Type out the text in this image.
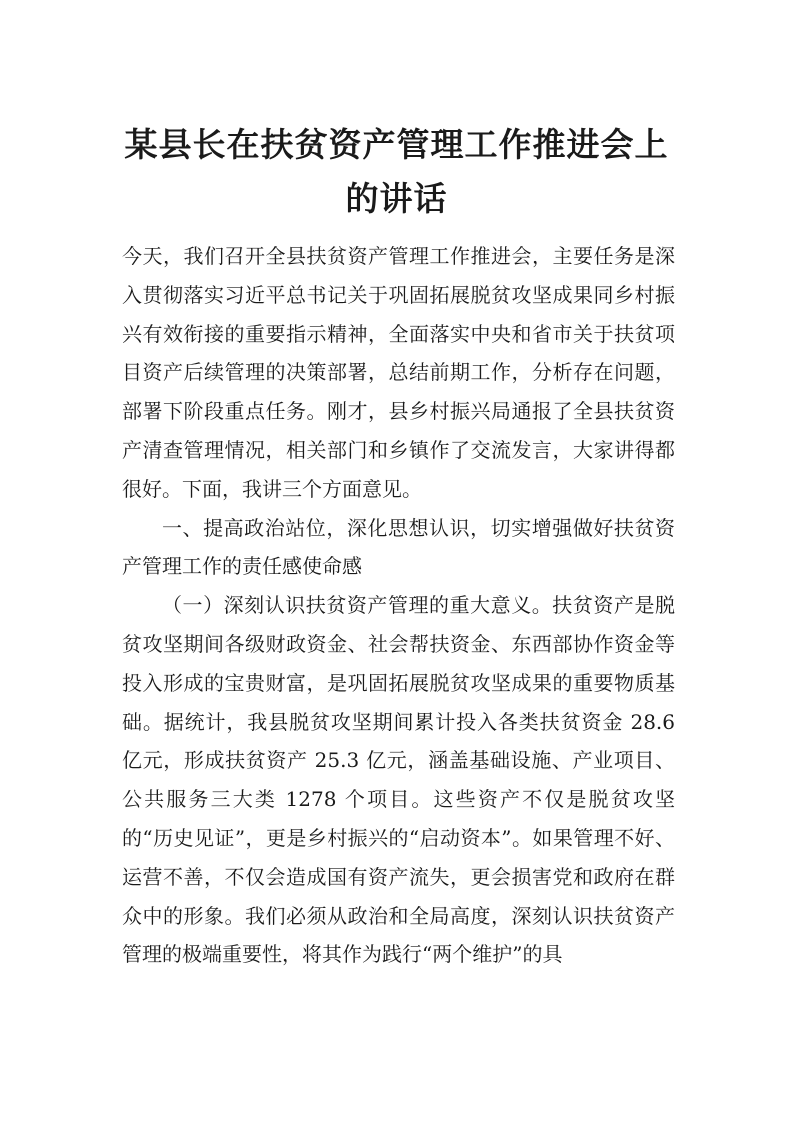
某县长在扶贫资产管理工作推进会上的讲话

今天，我们召开全县扶贫资产管理工作推进会，主要任务是深入贯彻落实习近平总书记关于巩固拓展脱贫攻坚成果同乡村振兴有效衔接的重要指示精神，全面落实中央和省市关于扶贫项目资产后续管理的决策部署，总结前期工作，分析存在问题，部署下阶段重点任务。刚才，县乡村振兴局通报了全县扶贫资产清查管理情况，相关部门和乡镇作了交流发言，大家讲得都很好。下面，我讲三个方面意见。

一、提高政治站位，深化思想认识，切实增强做好扶贫资产管理工作的责任感使命感

（一）深刻认识扶贫资产管理的重大意义。扶贫资产是脱贫攻坚期间各级财政资金、社会帮扶资金、东西部协作资金等投入形成的宝贵财富，是巩固拓展脱贫攻坚成果的重要物质基础。据统计，我县脱贫攻坚期间累计投入各类扶贫资金 28.6 亿元，形成扶贫资产 25.3 亿元，涵盖基础设施、产业项目、公共服务三大类 1278 个项目。这些资产不仅是脱贫攻坚的“历史见证”，更是乡村振兴的“启动资本”。如果管理不好、运营不善，不仅会造成国有资产流失，更会损害党和政府在群众中的形象。我们必须从政治和全局高度，深刻认识扶贫资产管理的极端重要性，将其作为践行“两个维护”的具
